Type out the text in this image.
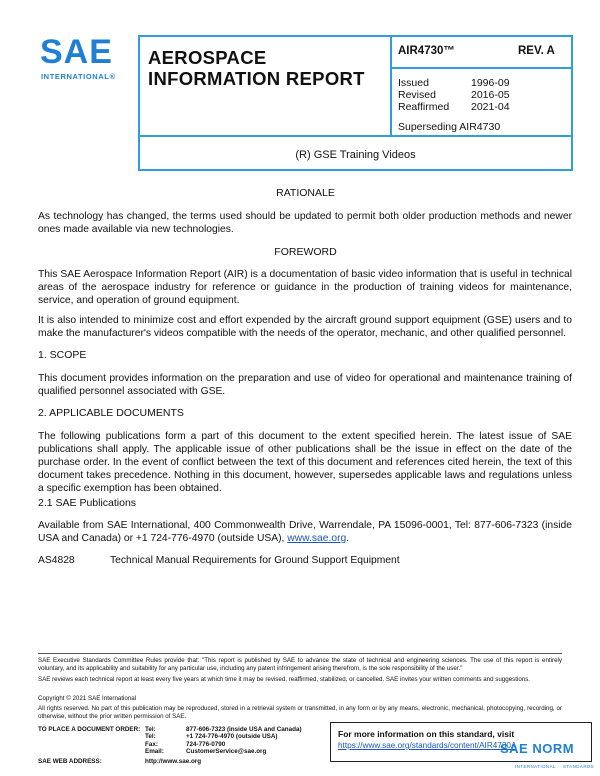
SAE
INTERNATIONAL®
AEROSPACE
INFORMATION REPORT
AIR4730™	REV. A
Issued	1996-09
Revised	2016-05
Reaffirmed 2021-04
Superseding AIR4730
(R) GSE Training Videos
RATIONALE
As technology has changed, the terms used should be updated to permit both older production methods and newer ones made available via new technologies.
FOREWORD
This SAE Aerospace Information Report (AIR) is a documentation of basic video information that is useful in technical areas of the aerospace industry for reference or guidance in the production of training videos for maintenance, service, and operation of ground equipment.
It is also intended to minimize cost and effort expended by the aircraft ground support equipment (GSE) users and to make the manufacturer's videos compatible with the needs of the operator, mechanic, and other qualified personnel.
1. SCOPE
This document provides information on the preparation and use of video for operational and maintenance training of qualified personnel associated with GSE.
2. APPLICABLE DOCUMENTS
The following publications form a part of this document to the extent specified herein. The latest issue of SAE publications shall apply. The applicable issue of other publications shall be the issue in effect on the date of the purchase order. In the event of conflict between the text of this document and references cited herein, the text of this document takes precedence. Nothing in this document, however, supersedes applicable laws and regulations unless a specific exemption has been obtained.
2.1 SAE Publications
Available from SAE International, 400 Commonwealth Drive, Warrendale, PA 15096-0001, Tel: 877-606-7323 (inside USA and Canada) or +1 724-776-4970 (outside USA), www.sae.org.
AS4828	Technical Manual Requirements for Ground Support Equipment
SAE Executive Standards Committee Rules provide that: "This report is published by SAE to advance the state of technical and engineering sciences. The use of this report is entirely voluntary, and its applicability and suitability for any particular use, including any patent infringement arising therefrom, is the sole responsibility of the user."
SAE reviews each technical report at least every five years at which time it may be revised, reaffirmed, stabilized, or cancelled. SAE invites your written comments and suggestions.
Copyright © 2021 SAE International
All rights reserved. No part of this publication may be reproduced, stored in a retrieval system or transmitted, in any form or by any means, electronic, mechanical, photocopying, recording, or otherwise, without the prior written permission of SAE.
TO PLACE A DOCUMENT ORDER: Tel:	877-606-7323 (inside USA and Canada)
Tel:	+1 724-776-4970 (outside USA)
Fax:	724-776-0790
Email:	CustomerService@sae.org
SAE WEB ADDRESS:	http://www.sae.org
For more information on this standard, visit
https://www.sae.org/standards/content/AIR4730A
SAE NORM
INTERNATIONAL STANDARDS
